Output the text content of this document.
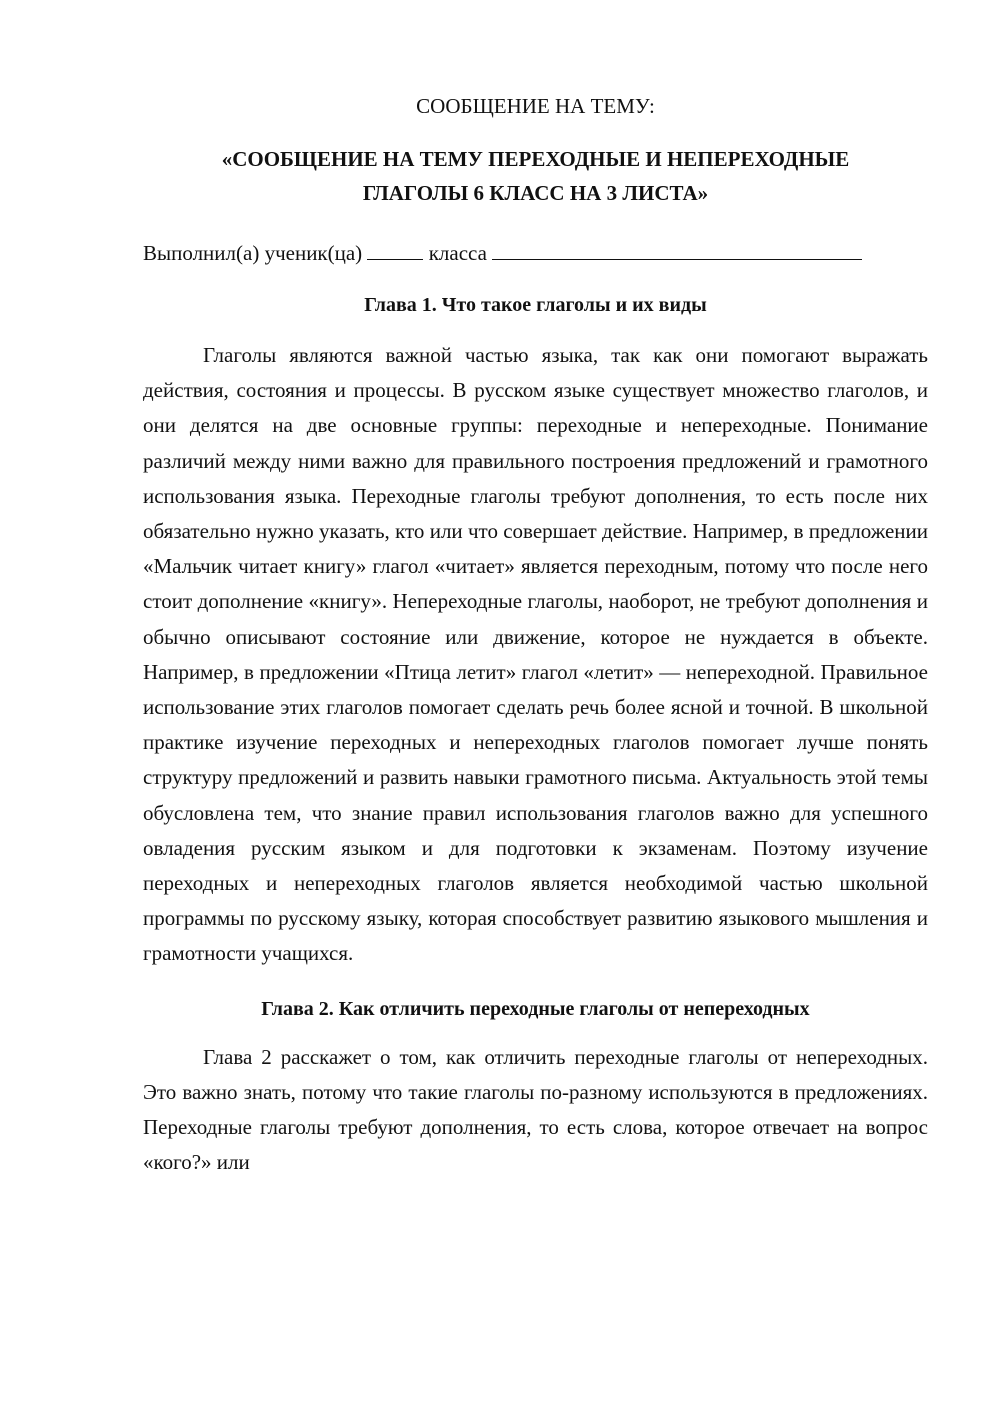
СООБЩЕНИЕ НА ТЕМУ:

«СООБЩЕНИЕ НА ТЕМУ ПЕРЕХОДНЫЕ И НЕПЕРЕХОДНЫЕ
ГЛАГОЛЫ 6 КЛАСС НА 3 ЛИСТА»
Выполнил(а) ученик(ца)	класса
Глава 1. Что такое глаголы и их виды

Глаголы являются важной частью языка, так как они помогают выражать действия, состояния и процессы. В русском языке существует множество глаголов, и они делятся на две основные группы: переходные и непереходные. Понимание различий между ними важно для правильного построения предложений и грамотного использования языка. Переходные глаголы требуют дополнения, то есть после них обязательно нужно указать, кто или что совершает действие. Например, в предложении «Мальчик читает книгу» глагол «читает» является переходным, потому что после него стоит дополнение «книгу». Непереходные глаголы, наоборот, не требуют дополнения и обычно описывают состояние или движение, которое не нуждается в объекте. Например, в предложении «Птица летит» глагол «летит» — непереходной. Правильное использование этих глаголов помогает сделать речь более ясной и точной. В школьной практике изучение переходных и непереходных глаголов помогает лучше понять структуру предложений и развить навыки грамотного письма. Актуальность этой темы обусловлена тем, что знание правил использования глаголов важно для успешного овладения русским языком и для подготовки к экзаменам. Поэтому изучение переходных и непереходных глаголов является необходимой частью школьной программы по русскому языку, которая способствует развитию языкового мышления и грамотности учащихся.

Глава 2. Как отличить переходные глаголы от непереходных

Глава 2 расскажет о том, как отличить переходные глаголы от непереходных. Это важно знать, потому что такие глаголы по-разному используются в предложениях. Переходные глаголы требуют дополнения, то есть слова, которое отвечает на вопрос «кого?» или
